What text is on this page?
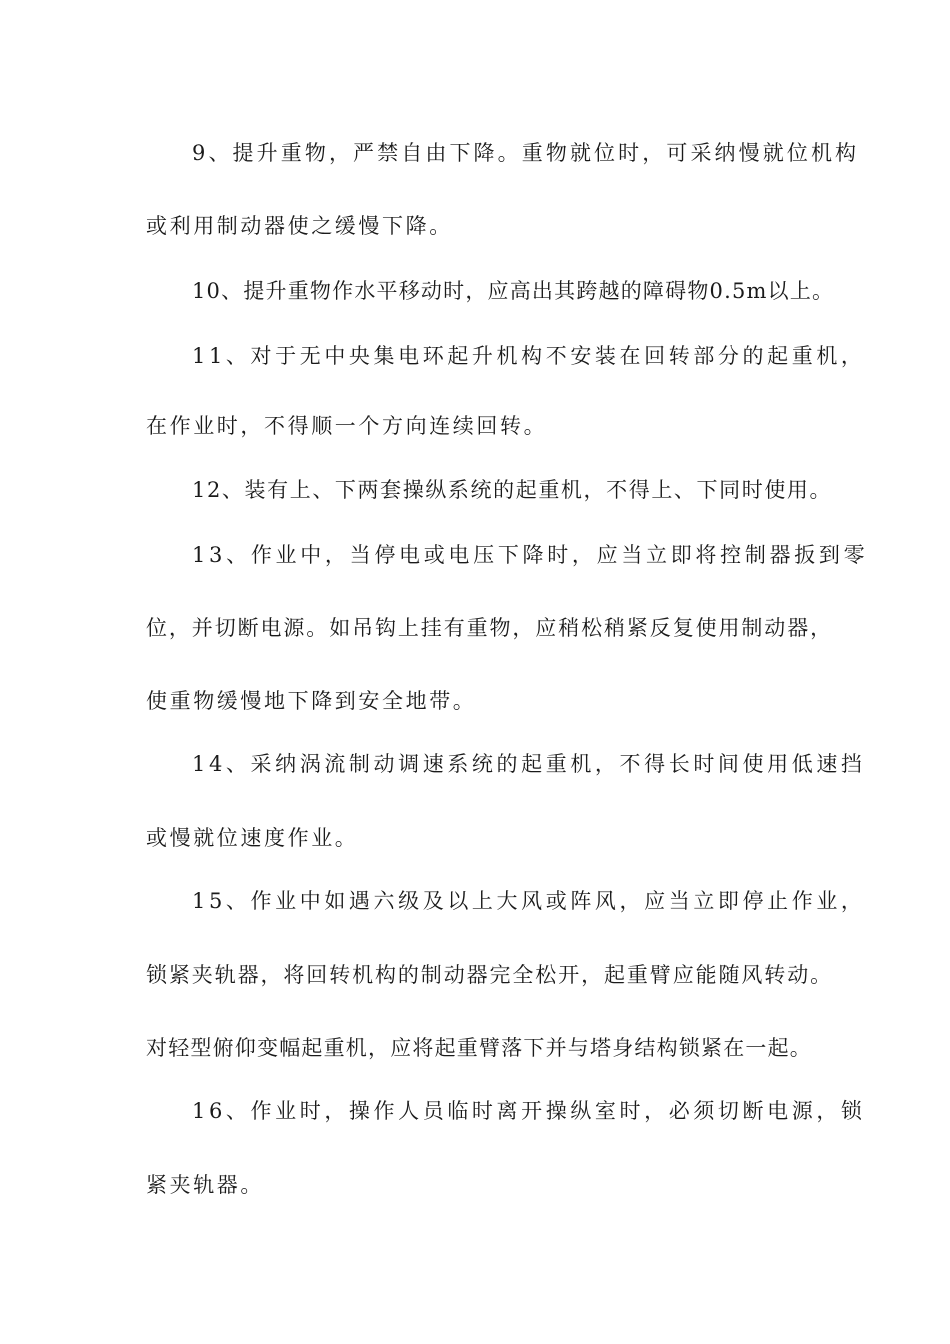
9、提升重物，严禁自由下降。重物就位时，可采纳慢就位机构
或利用制动器使之缓慢下降。
10、提升重物作水平移动时，应高出其跨越的障碍物0.5m以上。
11、对于无中央集电环起升机构不安装在回转部分的起重机，
在作业时，不得顺一个方向连续回转。
12、装有上、下两套操纵系统的起重机，不得上、下同时使用。
13、作业中，当停电或电压下降时，应当立即将控制器扳到零
位，并切断电源。如吊钩上挂有重物，应稍松稍紧反复使用制动器，
使重物缓慢地下降到安全地带。
14、采纳涡流制动调速系统的起重机，不得长时间使用低速挡
或慢就位速度作业。
15、作业中如遇六级及以上大风或阵风，应当立即停止作业，
锁紧夹轨器，将回转机构的制动器完全松开，起重臂应能随风转动。
对轻型俯仰变幅起重机，应将起重臂落下并与塔身结构锁紧在一起。
16、作业时，操作人员临时离开操纵室时，必须切断电源，锁
紧夹轨器。
